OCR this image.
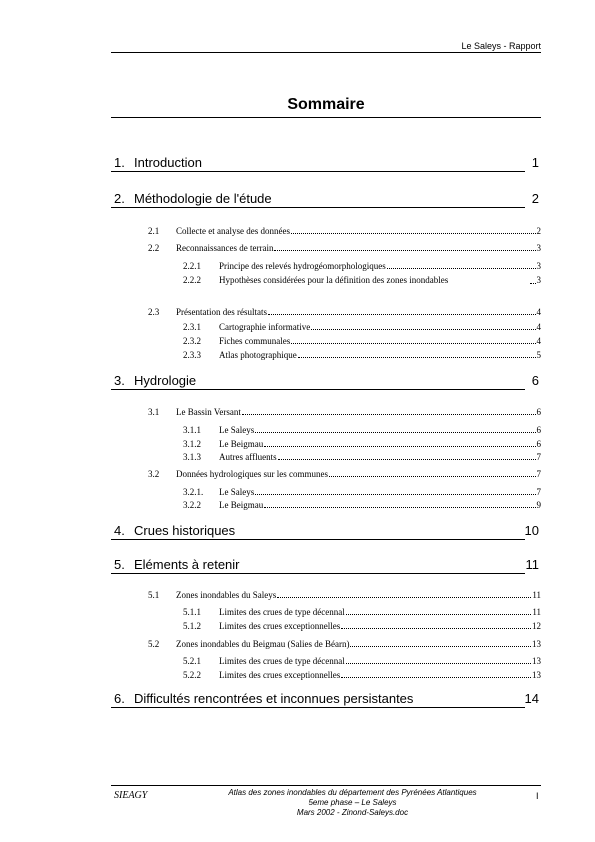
Le Saleys - Rapport
Sommaire
1. Introduction	1
2. Méthodologie de l'étude	2
2.1	Collecte et analyse des données	2
2.2	Reconnaissances de terrain	3
2.2.1	Principe des relevés hydrogéomorphologiques	3
2.2.2 Hypothèses considérées pour la définition des zones inondables	3
2.3	Présentation des résultats	4
2.3.1	Cartographie informative	4
2.3.2	Fiches communales	4
2.3.3	Atlas photographique	5
3. Hydrologie	6
3.1	Le Bassin Versant	6
3.1.1	Le Saleys	6
3.1.2	Le Beigmau	6
3.1.3	Autres affluents	7
3.2	Données hydrologiques sur les communes	7
3.2.1.	Le Saleys	7
3.2.2	Le Beigmau	9
4. Crues historiques	10
5. Eléments à retenir	11
5.1	Zones inondables du Saleys	11
5.1.1	Limites des crues de type décennal	11
5.1.2	Limites des crues exceptionnelles	12
5.2	Zones inondables du Beigmau (Salies de Béarn)	13
5.2.1	Limites des crues de type décennal	13
5.2.2	Limites des crues exceptionnelles	13
6. Difficultés rencontrées et inconnues persistantes	14
SIEAGY	Atlas des zones inondables du département des Pyrénées Atlantiques
5eme phase – Le Saleys
Mars 2002 - Zinond-Saleys.doc
I
